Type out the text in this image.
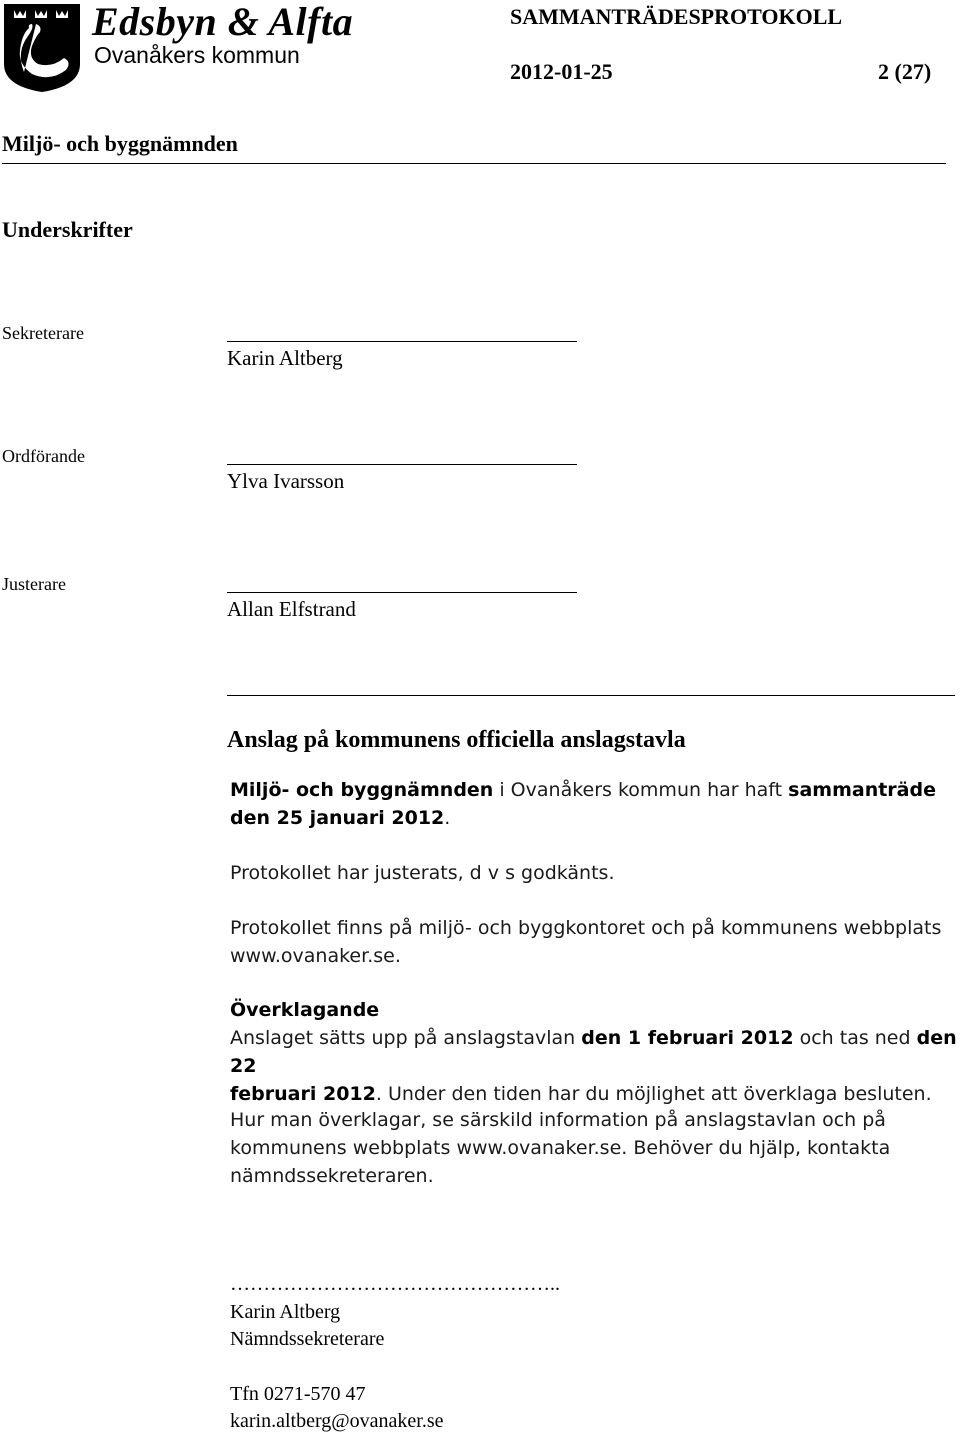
Edsbyn & Alfta
Ovanåkers kommun
SAMMANTRÄDESPROTOKOLL
2012-01-25	2 (27)
Miljö- och byggnämnden
Underskrifter
Sekreterare
Karin Altberg
Ordförande
Ylva Ivarsson
Justerare
Allan Elfstrand
Anslag på kommunens officiella anslagstavla
Miljö- och byggnämnden i Ovanåkers kommun har haft sammanträde
den 25 januari 2012.
Protokollet har justerats, d v s godkänts.
Protokollet finns på miljö- och byggkontoret och på kommunens webbplats
www.ovanaker.se.
Överklagande
Anslaget sätts upp på anslagstavlan den 1 februari 2012 och tas ned den 22
februari 2012. Under den tiden har du möjlighet att överklaga besluten.
Hur man överklagar, se särskild information på anslagstavlan och på
kommunens webbplats www.ovanaker.se. Behöver du hjälp, kontakta
nämndssekreteraren.
…………………………………………..
Karin Altberg
Nämndssekreterare
Tfn 0271-570 47
karin.altberg@ovanaker.se
